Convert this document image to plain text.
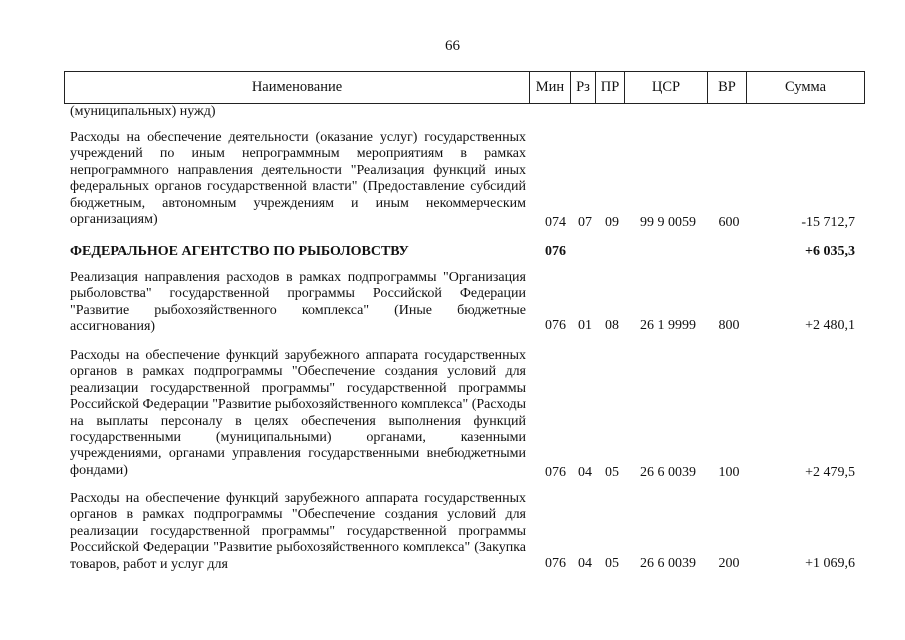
66
Наименование	Мин	Рз	ПР	ЦСР	ВР	Сумма
(муниципальных) нужд)
Расходы на обеспечение деятельности (оказание услуг) государственных учреждений по иным непрограммным мероприятиям в рамках непрограммного направления деятельности "Реализация функций иных федеральных органов государственной власти" (Предоставление субсидий бюджетным, автономным учреждениям и иным некоммерческим организациям)	074 07 09	99 9 0059	600	-15 712,7
ФЕДЕРАЛЬНОЕ АГЕНТСТВО ПО РЫБОЛОВСТВУ	076	+6 035,3
Реализация направления расходов в рамках подпрограммы "Организация рыболовства" государственной программы Российской Федерации "Развитие рыбохозяйственного комплекса" (Иные бюджетные ассигнования)	076 01 08	26 1 9999	800	+2 480,1
Расходы на обеспечение функций зарубежного аппарата государственных органов в рамках подпрограммы "Обеспечение создания условий для реализации государственной программы" государственной программы Российской Федерации "Развитие рыбохозяйственного комплекса" (Расходы на выплаты персоналу в целях обеспечения выполнения функций государственными (муниципальными) органами, казенными учреждениями, органами управления государственными внебюджетными фондами)	076 04 05	26 6 0039	100	+2 479,5
Расходы на обеспечение функций зарубежного аппарата государственных органов в рамках подпрограммы "Обеспечение создания условий для реализации государственной программы" государственной программы Российской Федерации "Развитие рыбохозяйственного комплекса" (Закупка товаров, работ и услуг для	076 04 05	26 6 0039	200	+1 069,6
